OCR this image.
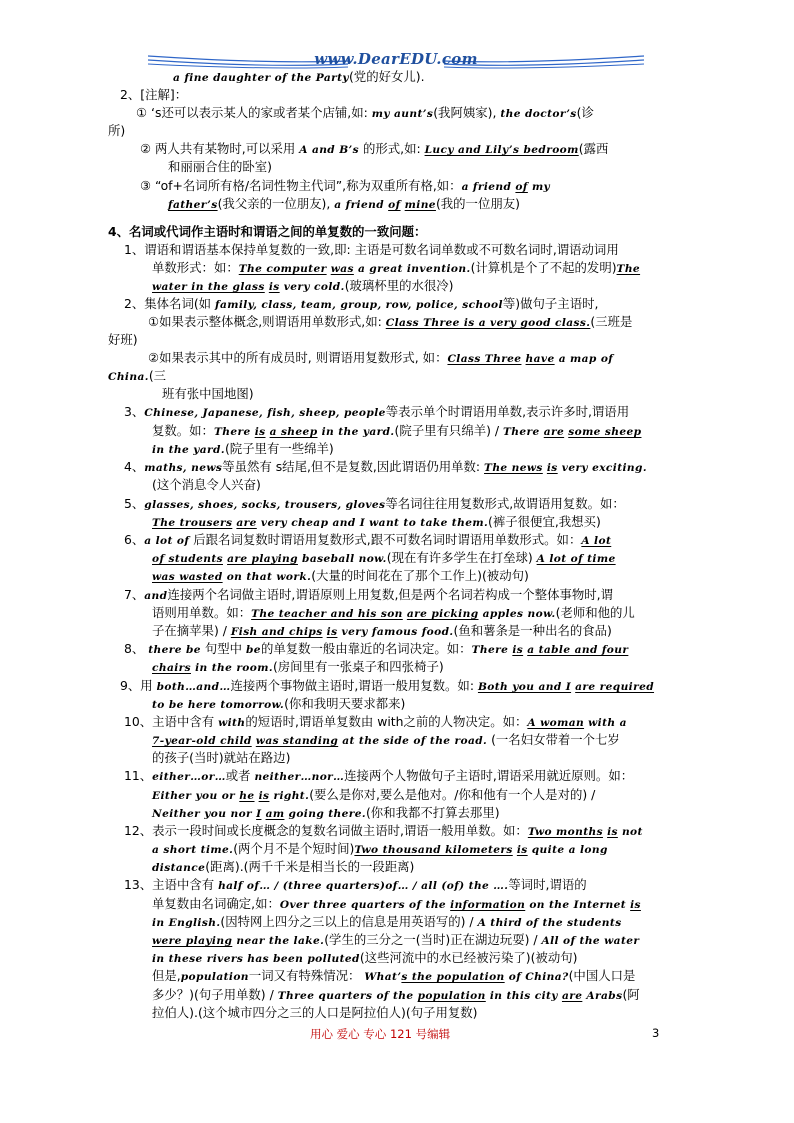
www.DearEDU.com
a fine daughter of the Party(党的好女儿).
2、[注解]：
① ‘s还可以表示某人的家或者某个店铺,如: my aunt’s(我阿姨家), the doctor’s(诊
所)
② 两人共有某物时,可以采用 A and B’s 的形式,如: Lucy and Lily’s bedroom(露西
和丽丽合住的卧室)
③ “of+名词所有格/名词性物主代词”,称为双重所有格,如：a friend of my
father’s(我父亲的一位朋友), a friend of mine(我的一位朋友)
4、名词或代词作主语时和谓语之间的单复数的一致问题：
1、谓语和谓语基本保持单复数的一致,即: 主语是可数名词单数或不可数名词时,谓语动词用
单数形式：如：The computer was a great invention.(计算机是个了不起的发明)The
water in the glass is very cold.(玻璃杯里的水很冷)
2、集体名词(如 family, class, team, group, row, police, school等)做句子主语时,
①如果表示整体概念,则谓语用单数形式,如: Class Three is a very good class.(三班是
好班)
②如果表示其中的所有成员时, 则谓语用复数形式, 如：Class Three have a map of
China.(三
班有张中国地图)
3、Chinese, Japanese, fish, sheep, people等表示单个时谓语用单数,表示许多时,谓语用
复数。如：There is a sheep in the yard.(院子里有只绵羊) / There are some sheep
in the yard.(院子里有一些绵羊)
4、maths, news等虽然有 s结尾,但不是复数,因此谓语仍用单数: The news is very exciting.
(这个消息令人兴奋)
5、glasses, shoes, socks, trousers, gloves等名词往往用复数形式,故谓语用复数。如：
The trousers are very cheap and I want to take them.(裤子很便宜,我想买)
6、a lot of 后跟名词复数时谓语用复数形式,跟不可数名词时谓语用单数形式。如：A lot
of students are playing baseball now.(现在有许多学生在打垒球) A lot of time
was wasted on that work.(大量的时间花在了那个工作上)(被动句)
7、and连接两个名词做主语时,谓语原则上用复数,但是两个名词若构成一个整体事物时,谓
语则用单数。如：The teacher and his son are picking apples now.(老师和他的儿
子在摘苹果) / Fish and chips is very famous food.(鱼和薯条是一种出名的食品)
8、 there be 句型中 be的单复数一般由靠近的名词决定。如：There is a table and four
chairs in the room.(房间里有一张桌子和四张椅子)
9、用 both…and…连接两个事物做主语时,谓语一般用复数。如: Both you and I are required
to be here tomorrow.(你和我明天要求都来)
10、主语中含有 with的短语时,谓语单复数由 with之前的人物决定。如：A woman with a
7-year-old child was standing at the side of the road. (一名妇女带着一个七岁
的孩子(当时)就站在路边)
11、either…or…或者 neither…nor…连接两个人物做句子主语时,谓语采用就近原则。如：
Either you or he is right.(要么是你对,要么是他对。/你和他有一个人是对的) /
Neither you nor I am going there.(你和我都不打算去那里)
12、表示一段时间或长度概念的复数名词做主语时,谓语一般用单数。如：Two months is not
a short time.(两个月不是个短时间)Two thousand kilometers is quite a long
distance(距离).(两千千米是相当长的一段距离)
13、主语中含有 half of… / (three quarters)of… / all (of) the ….等词时,谓语的
单复数由名词确定,如：Over three quarters of the information on the Internet is
in English.(因特网上四分之三以上的信息是用英语写的) / A third of the students
were playing near the lake.(学生的三分之一(当时)正在湖边玩耍) / All of the water
in these rivers has been polluted(这些河流中的水已经被污染了)(被动句)
但是,population一词又有特殊情况： What’s the population of China?(中国人口是
多少？)(句子用单数) / Three quarters of the population in this city are Arabs(阿
拉伯人).(这个城市四分之三的人口是阿拉伯人)(句子用复数)
用心 爱心 专心 121 号编辑	3
